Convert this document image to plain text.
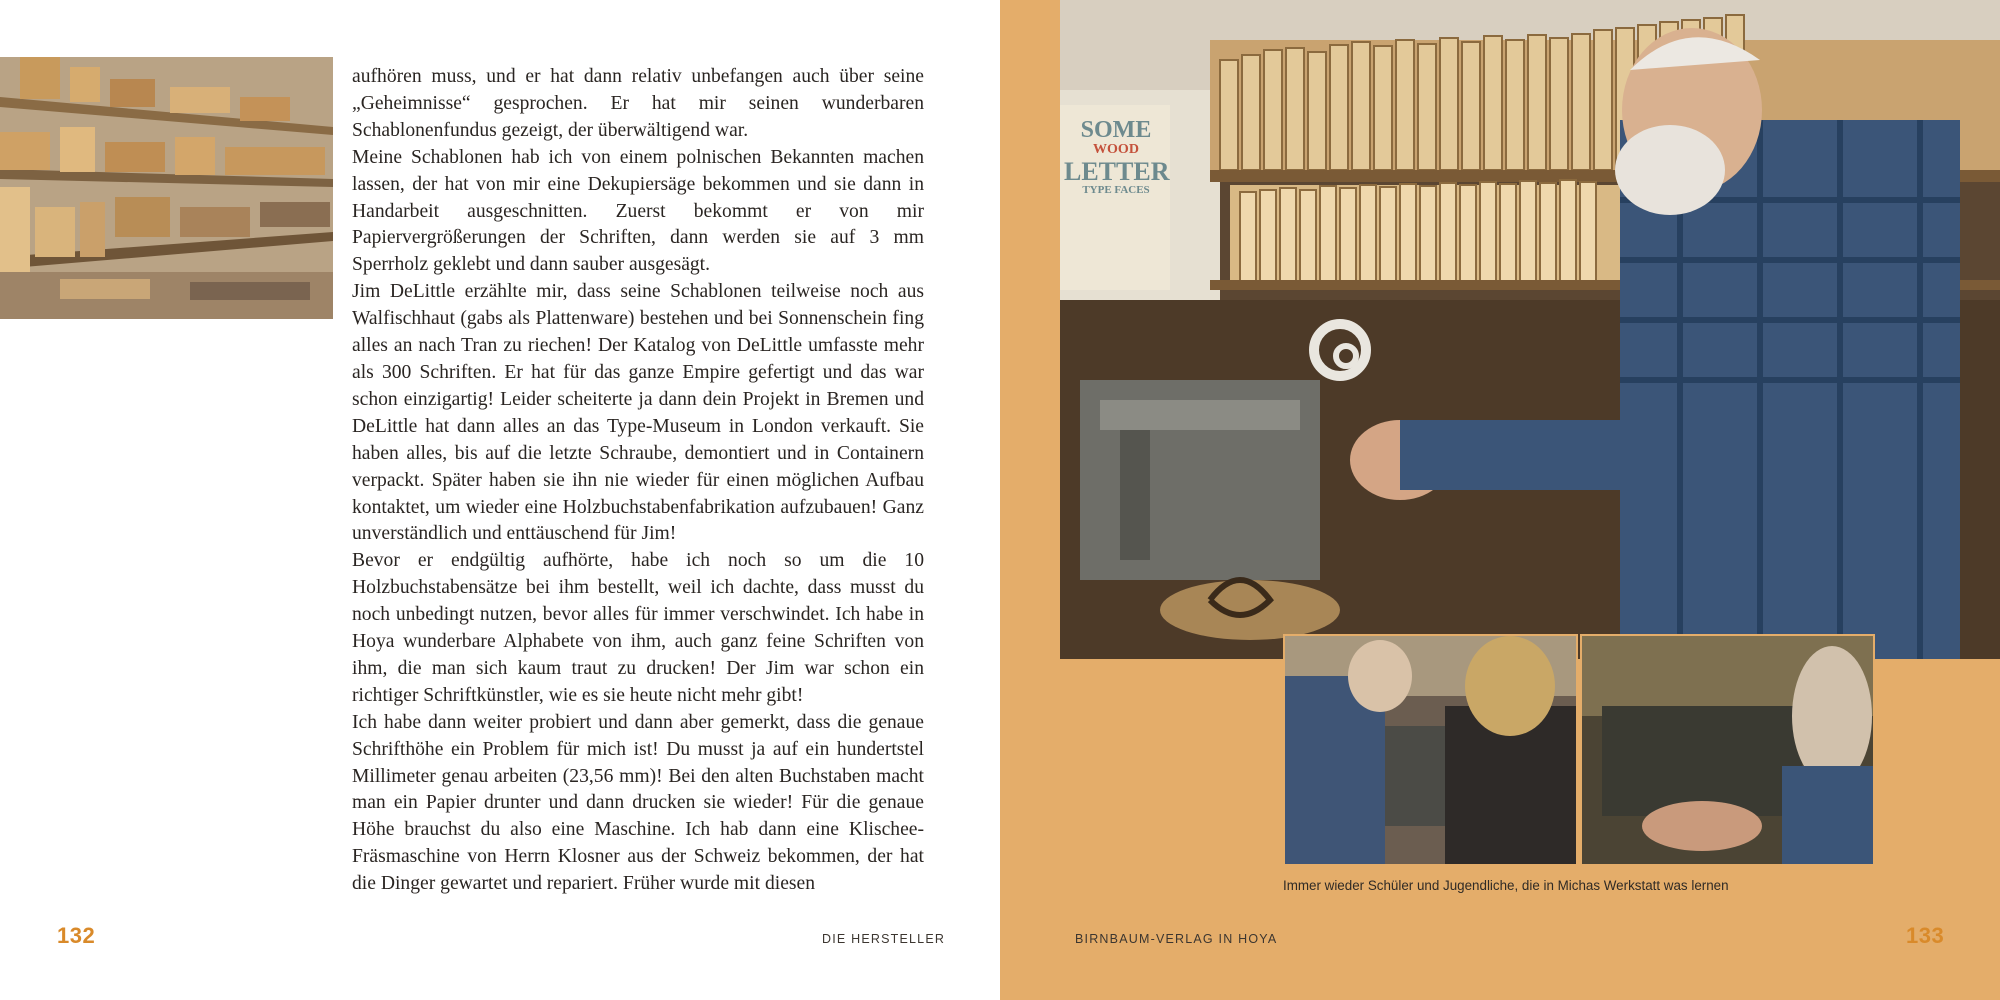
aufhören muss, und er hat dann relativ unbefangen auch über seine „Geheimnisse“ gesprochen. Er hat mir seinen wunderbaren Schablonenfundus gezeigt, der überwältigend war.

Meine Schablonen hab ich von einem polnischen Bekannten machen lassen, der hat von mir eine Dekupiersäge bekommen und sie dann in Handarbeit ausgeschnitten. Zuerst bekommt er von mir Papiervergrößerungen der Schriften, dann werden sie auf 3 mm Sperrholz geklebt und dann sauber ausgesägt.

Jim DeLittle erzählte mir, dass seine Schablonen teilweise noch aus Walfischhaut (gabs als Plattenware) bestehen und bei Sonnenschein fing alles an nach Tran zu riechen! Der Katalog von DeLittle umfasste mehr als 300 Schriften. Er hat für das ganze Empire gefertigt und das war schon einzigartig! Leider scheiterte ja dann dein Projekt in Bremen und DeLittle hat dann alles an das Type-Museum in London verkauft. Sie haben alles, bis auf die letzte Schraube, demontiert und in Containern verpackt. Später haben sie ihn nie wieder für einen möglichen Aufbau kontaktet, um wieder eine Holzbuchstabenfabrikation aufzubauen! Ganz unverständlich und enttäuschend für Jim!

Bevor er endgültig aufhörte, habe ich noch so um die 10 Holzbuchstabensätze bei ihm bestellt, weil ich dachte, dass musst du noch unbedingt nutzen, bevor alles für immer verschwindet. Ich habe in Hoya wunderbare Alphabete von ihm, auch ganz feine Schriften von ihm, die man sich kaum traut zu drucken! Der Jim war schon ein richtiger Schriftkünstler, wie es sie heute nicht mehr gibt!

Ich habe dann weiter probiert und dann aber gemerkt, dass die genaue Schrifthöhe ein Problem für mich ist! Du musst ja auf ein hundertstel Millimeter genau arbeiten (23,56 mm)! Bei den alten Buchstaben macht man ein Papier drunter und dann drucken sie wieder! Für die genaue Höhe brauchst du also eine Maschine. Ich hab dann eine Klischee-Fräsmaschine von Herrn Klosner aus der Schweiz bekommen, der hat die Dinger gewartet und repariert. Früher wurde mit diesen

132	DIE HERSTELLER
SOME
WOOD
LETTER
TYPE FACES
Immer wieder Schüler und Jugendliche, die in Michas Werkstatt was lernen
BIRNBAUM-VERLAG IN HOYA	133
